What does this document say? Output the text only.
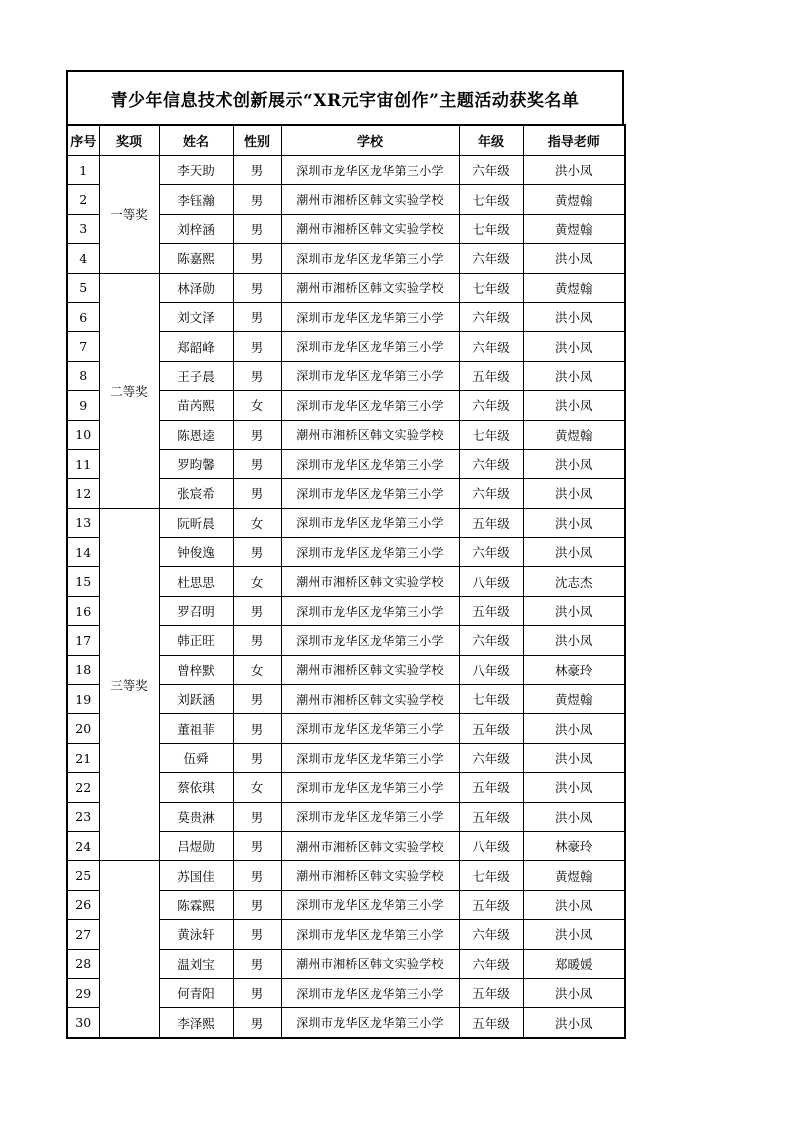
青少年信息技术创新展示“XR元宇宙创作”主题活动获奖名单
序号	奖项	姓名	性别	学校	年级	指导老师
1	一等奖	李天助	男	深圳市龙华区龙华第三小学	六年级	洪小凤
2		李钰瀚	男	潮州市湘桥区韩文实验学校	七年级	黄煜翰
3		刘梓涵	男	潮州市湘桥区韩文实验学校	七年级	黄煜翰
4		陈嘉熙	男	深圳市龙华区龙华第三小学	六年级	洪小凤
5	二等奖	林泽勋	男	潮州市湘桥区韩文实验学校	七年级	黄煜翰
6		刘文泽	男	深圳市龙华区龙华第三小学	六年级	洪小凤
7		郑韶峰	男	深圳市龙华区龙华第三小学	六年级	洪小凤
8		王子晨	男	深圳市龙华区龙华第三小学	五年级	洪小凤
9		苗芮熙	女	深圳市龙华区龙华第三小学	六年级	洪小凤
10		陈恩逵	男	潮州市湘桥区韩文实验学校	七年级	黄煜翰
11		罗昀馨	男	深圳市龙华区龙华第三小学	六年级	洪小凤
12		张宸希	男	深圳市龙华区龙华第三小学	六年级	洪小凤
13	三等奖	阮昕晨	女	深圳市龙华区龙华第三小学	五年级	洪小凤
14		钟俊逸	男	深圳市龙华区龙华第三小学	六年级	洪小凤
15		杜思思	女	潮州市湘桥区韩文实验学校	八年级	沈志杰
16		罗召明	男	深圳市龙华区龙华第三小学	五年级	洪小凤
17		韩正旺	男	深圳市龙华区龙华第三小学	六年级	洪小凤
18		曾梓默	女	潮州市湘桥区韩文实验学校	八年级	林豪玲
19		刘跃涵	男	潮州市湘桥区韩文实验学校	七年级	黄煜翰
20		董祖菲	男	深圳市龙华区龙华第三小学	五年级	洪小凤
21		伍舜	男	深圳市龙华区龙华第三小学	六年级	洪小凤
22		蔡依琪	女	深圳市龙华区龙华第三小学	五年级	洪小凤
23		莫贵淋	男	深圳市龙华区龙华第三小学	五年级	洪小凤
24		吕煜勋	男	潮州市湘桥区韩文实验学校	八年级	林豪玲
25		苏国佳	男	潮州市湘桥区韩文实验学校	七年级	黄煜翰
26		陈霖熙	男	深圳市龙华区龙华第三小学	五年级	洪小凤
27		黄泳轩	男	深圳市龙华区龙华第三小学	六年级	洪小凤
28		温刘宝	男	潮州市湘桥区韩文实验学校	六年级	郑暖媛
29		何青阳	男	深圳市龙华区龙华第三小学	五年级	洪小凤
30		李泽熙	男	深圳市龙华区龙华第三小学	五年级	洪小凤
